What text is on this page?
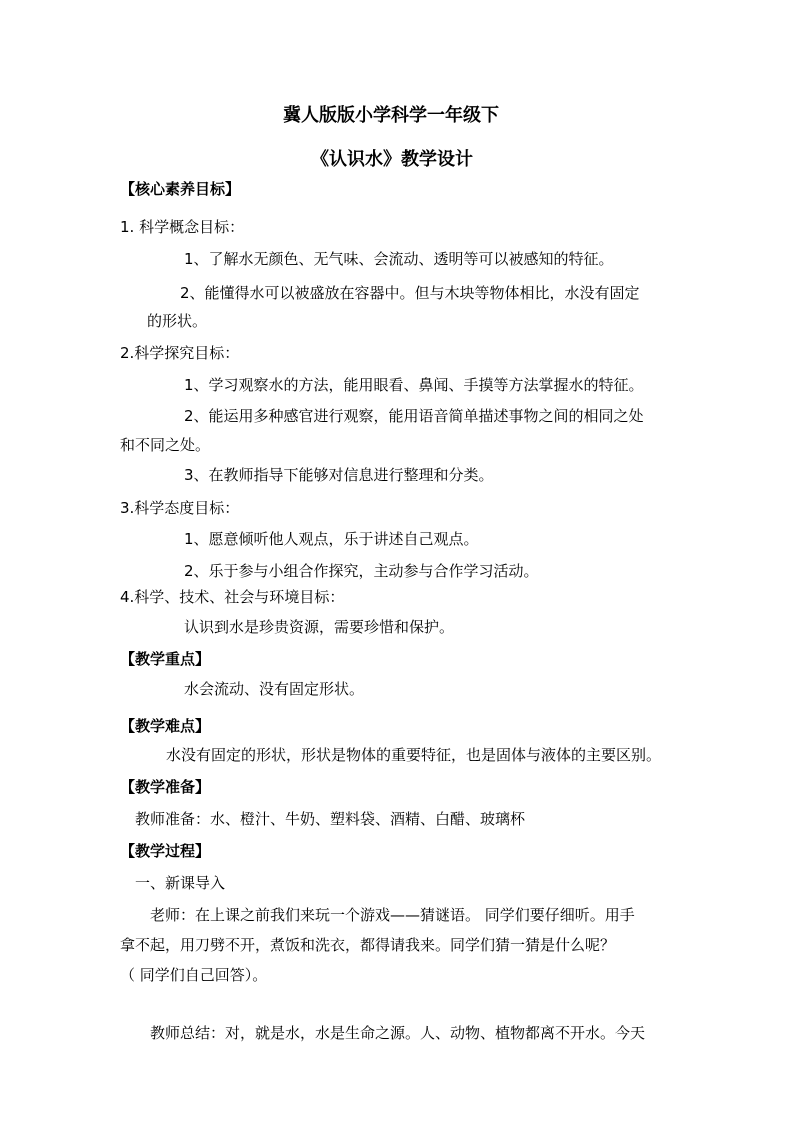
冀人版版小学科学一年级下
《认识水》教学设计
【核心素养目标】
1. 科学概念目标：
1、了解水无颜色、无气味、会流动、透明等可以被感知的特征。
2、能懂得水可以被盛放在容器中。但与木块等物体相比，水没有固定
的形状。
2.科学探究目标：
1、学习观察水的方法，能用眼看、鼻闻、手摸等方法掌握水的特征。
2、能运用多种感官进行观察，能用语音简单描述事物之间的相同之处
和不同之处。
3、在教师指导下能够对信息进行整理和分类。
3.科学态度目标：
1、愿意倾听他人观点，乐于讲述自己观点。
2、乐于参与小组合作探究，主动参与合作学习活动。
4.科学、技术、社会与环境目标：
认识到水是珍贵资源，需要珍惜和保护。
【教学重点】
水会流动、没有固定形状。
【教学难点】
水没有固定的形状，形状是物体的重要特征，也是固体与液体的主要区别。
【教学准备】
教师准备：水、橙汁、牛奶、塑料袋、酒精、白醋、玻璃杯
【教学过程】
一、新课导入
老师：在上课之前我们来玩一个游戏——猜谜语。 同学们要仔细听。用手
拿不起，用刀劈不开，煮饭和洗衣，都得请我来。同学们猜一猜是什么呢？
（ 同学们自己回答）。
教师总结：对，就是水，水是生命之源。人、动物、植物都离不开水。今天
